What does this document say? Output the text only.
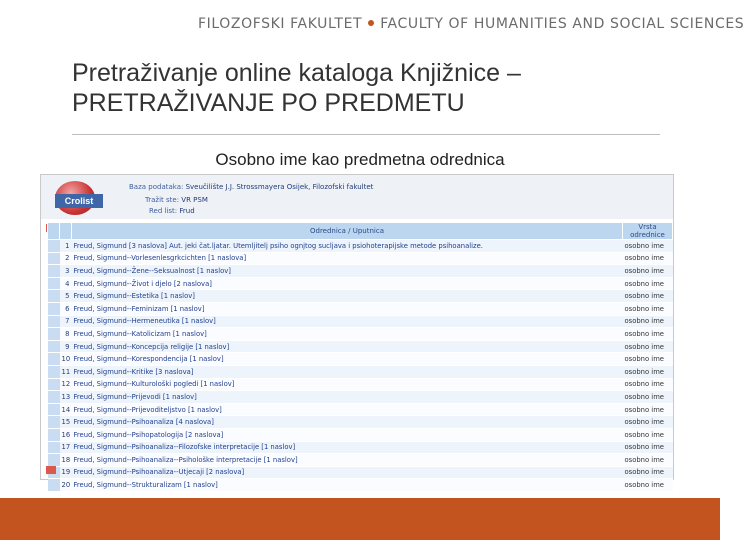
FILOZOFSKI FAKULTET FACULTY OF HUMANITIES AND SOCIAL SCIENCES
Pretraživanje online kataloga Knjižnice –
PRETRAŽIVANJE PO PREDMETU
Osobno ime kao predmetna odrednica
Crolist
Baza podataka: Sveučilište J.J. Strossmayera Osijek, Filozofski fakultet
Tražit ste: VR PSM
Red list: Frud
		Odrednica / Uputnica	Vrsta odrednice
	1	Freud, Sigmund [3 naslova] Aut. jeki čat.ljatar. Utemljitelj psiho ognjtog sucljava i psiohoterapijske metode psihoanalize.	osobno ime
	2	Freud, Sigmund--Vorlesenlesgrkcichten [1 naslova]	osobno ime
	3	Freud, Sigmund--Žene--Seksualnost [1 naslov]	osobno ime
	4	Freud, Sigmund--Život i djelo [2 naslova]	osobno ime
	5	Freud, Sigmund--Estetika [1 naslov]	osobno ime
	6	Freud, Sigmund--Feminizam [1 naslov]	osobno ime
	7	Freud, Sigmund--Hermeneutika [1 naslov]	osobno ime
	8	Freud, Sigmund--Katolicizam [1 naslov]	osobno ime
	9	Freud, Sigmund--Koncepcija religije [1 naslov]	osobno ime
	10	Freud, Sigmund--Korespondencija [1 naslov]	osobno ime
	11	Freud, Sigmund--Kritike [3 naslova]	osobno ime
	12	Freud, Sigmund--Kulturološki pogledi [1 naslov]	osobno ime
	13	Freud, Sigmund--Prijevodi [1 naslov]	osobno ime
	14	Freud, Sigmund--Prijevoditeljstvo [1 naslov]	osobno ime
	15	Freud, Sigmund--Psihoanaliza [4 naslova]	osobno ime
	16	Freud, Sigmund--Psihopatologija [2 naslova]	osobno ime
	17	Freud, Sigmund--Psihoanaliza--Filozofske interpretacije [1 naslov]	osobno ime
	18	Freud, Sigmund--Psihoanaliza--Psihološke interpretacije [1 naslov]	osobno ime
	19	Freud, Sigmund--Psihoanaliza--Utjecaji [2 naslova]	osobno ime
	20	Freud, Sigmund--Strukturalizam [1 naslov]	osobno ime
